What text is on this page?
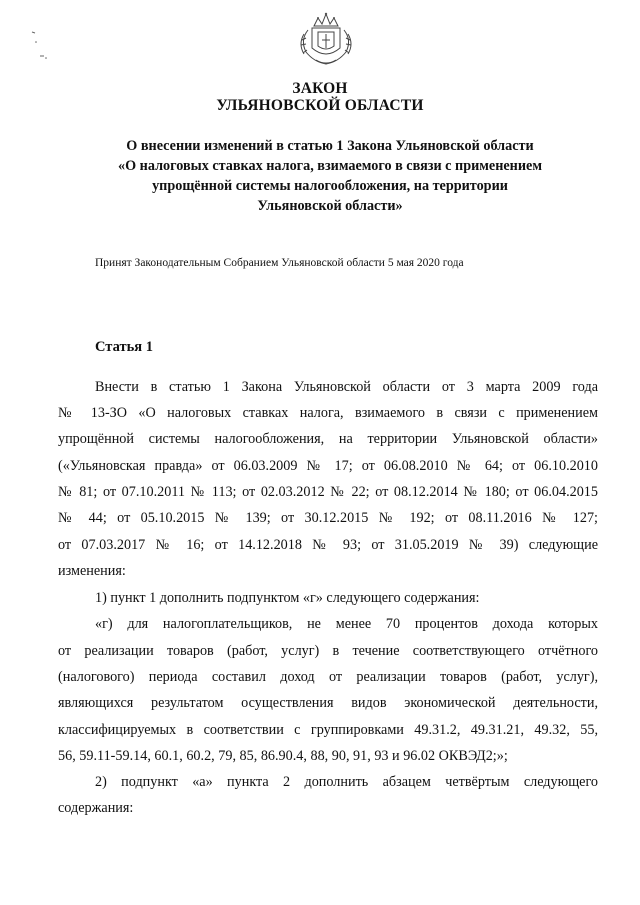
ЗАКОН
УЛЬЯНОВСКОЙ ОБЛАСТИ
О внесении изменений в статью 1 Закона Ульяновской области
«О налоговых ставках налога, взимаемого в связи с применением
упрощённой системы налогообложения, на территории
Ульяновской области»
Принят Законодательным Собранием Ульяновской области 5 мая 2020 года
Статья 1
Внести в статью 1 Закона Ульяновской области от 3 марта 2009 года
№ 13-ЗО «О налоговых ставках налога, взимаемого в связи с применением
упрощённой системы налогообложения, на территории Ульяновской области»
(«Ульяновская правда» от 06.03.2009 № 17; от 06.08.2010 № 64; от 06.10.2010
№ 81; от 07.10.2011 № 113; от 02.03.2012 № 22; от 08.12.2014 № 180; от 06.04.2015
№ 44; от 05.10.2015 № 139; от 30.12.2015 № 192; от 08.11.2016 № 127;
от 07.03.2017 № 16; от 14.12.2018 № 93; от 31.05.2019 № 39) следующие
изменения:
1) пункт 1 дополнить подпунктом «г» следующего содержания:
«г) для налогоплательщиков, не менее 70 процентов дохода которых
от реализации товаров (работ, услуг) в течение соответствующего отчётного
(налогового) периода составил доход от реализации товаров (работ, услуг),
являющихся результатом осуществления видов экономической деятельности,
классифицируемых в соответствии с группировками 49.31.2, 49.31.21, 49.32, 55,
56, 59.11-59.14, 60.1, 60.2, 79, 85, 86.90.4, 88, 90, 91, 93 и 96.02 ОКВЭД2;»;
2) подпункт «а» пункта 2 дополнить абзацем четвёртым следующего
содержания:
